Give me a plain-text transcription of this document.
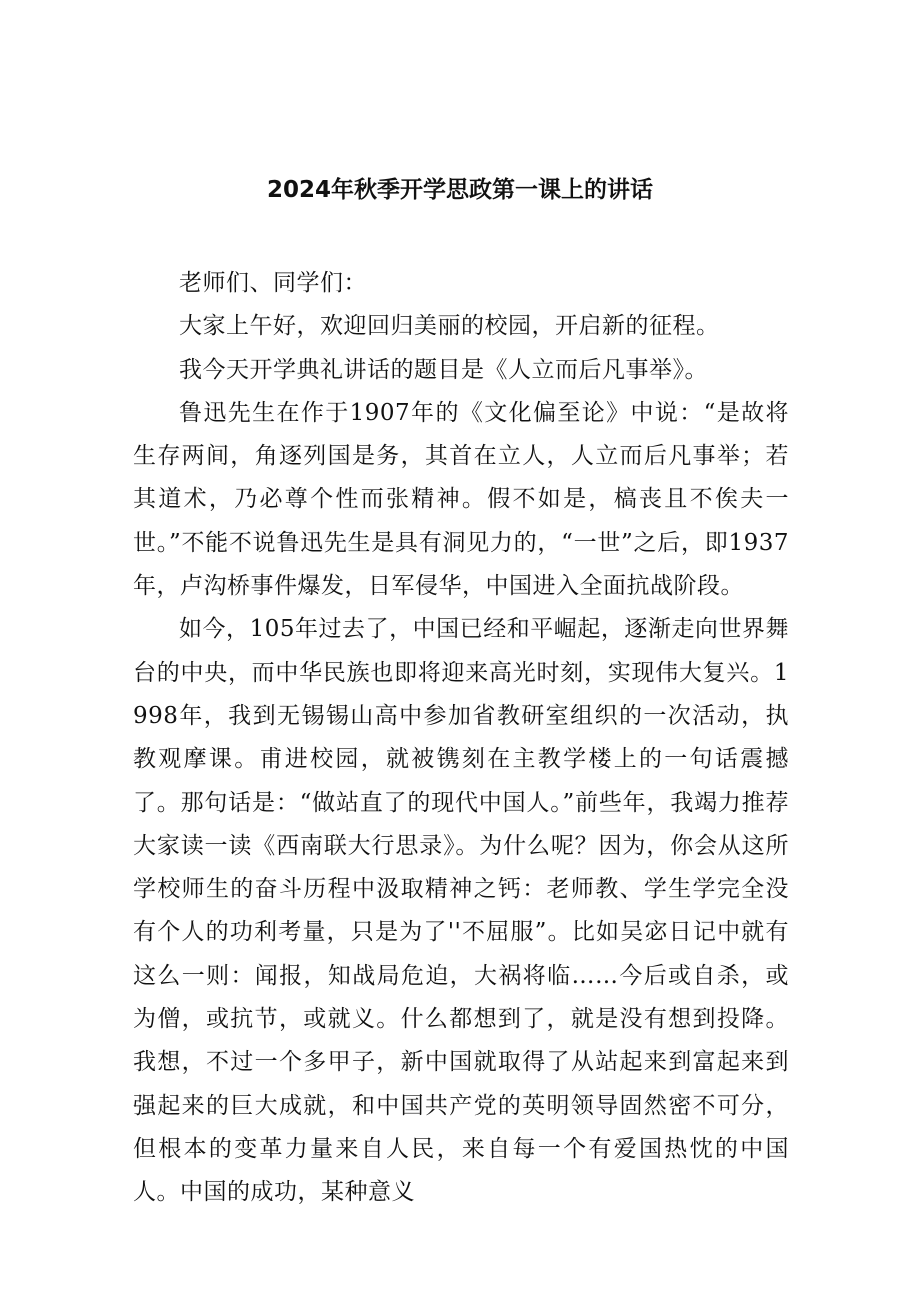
2024年秋季开学思政第一课上的讲话

老师们、同学们：

大家上午好，欢迎回归美丽的校园，开启新的征程。

我今天开学典礼讲话的题目是《人立而后凡事举》。

鲁迅先生在作于1907年的《文化偏至论》中说：“是故将生存两间，角逐列国是务，其首在立人，人立而后凡事举；若其道术，乃必尊个性而张精神。假不如是，槁丧且不俟夫一世。”不能不说鲁迅先生是具有洞见力的，“一世”之后，即1937年，卢沟桥事件爆发，日军侵华，中国进入全面抗战阶段。

如今，105年过去了，中国已经和平崛起，逐渐走向世界舞台的中央，而中华民族也即将迎来高光时刻，实现伟大复兴。1998年，我到无锡锡山高中参加省教研室组织的一次活动，执教观摩课。甫进校园，就被镌刻在主教学楼上的一句话震撼了。那句话是：“做站直了的现代中国人。”前些年，我竭力推荐大家读一读《西南联大行思录》。为什么呢？因为，你会从这所学校师生的奋斗历程中汲取精神之钙：老师教、学生学完全没有个人的功利考量，只是为了''不屈服”。比如吴宓日记中就有这么一则：闻报，知战局危迫，大祸将临……今后或自杀，或为僧，或抗节，或就义。什么都想到了，就是没有想到投降。我想，不过一个多甲子，新中国就取得了从站起来到富起来到强起来的巨大成就，和中国共产党的英明领导固然密不可分，但根本的变革力量来自人民，来自每一个有爱国热忱的中国人。中国的成功，某种意义
